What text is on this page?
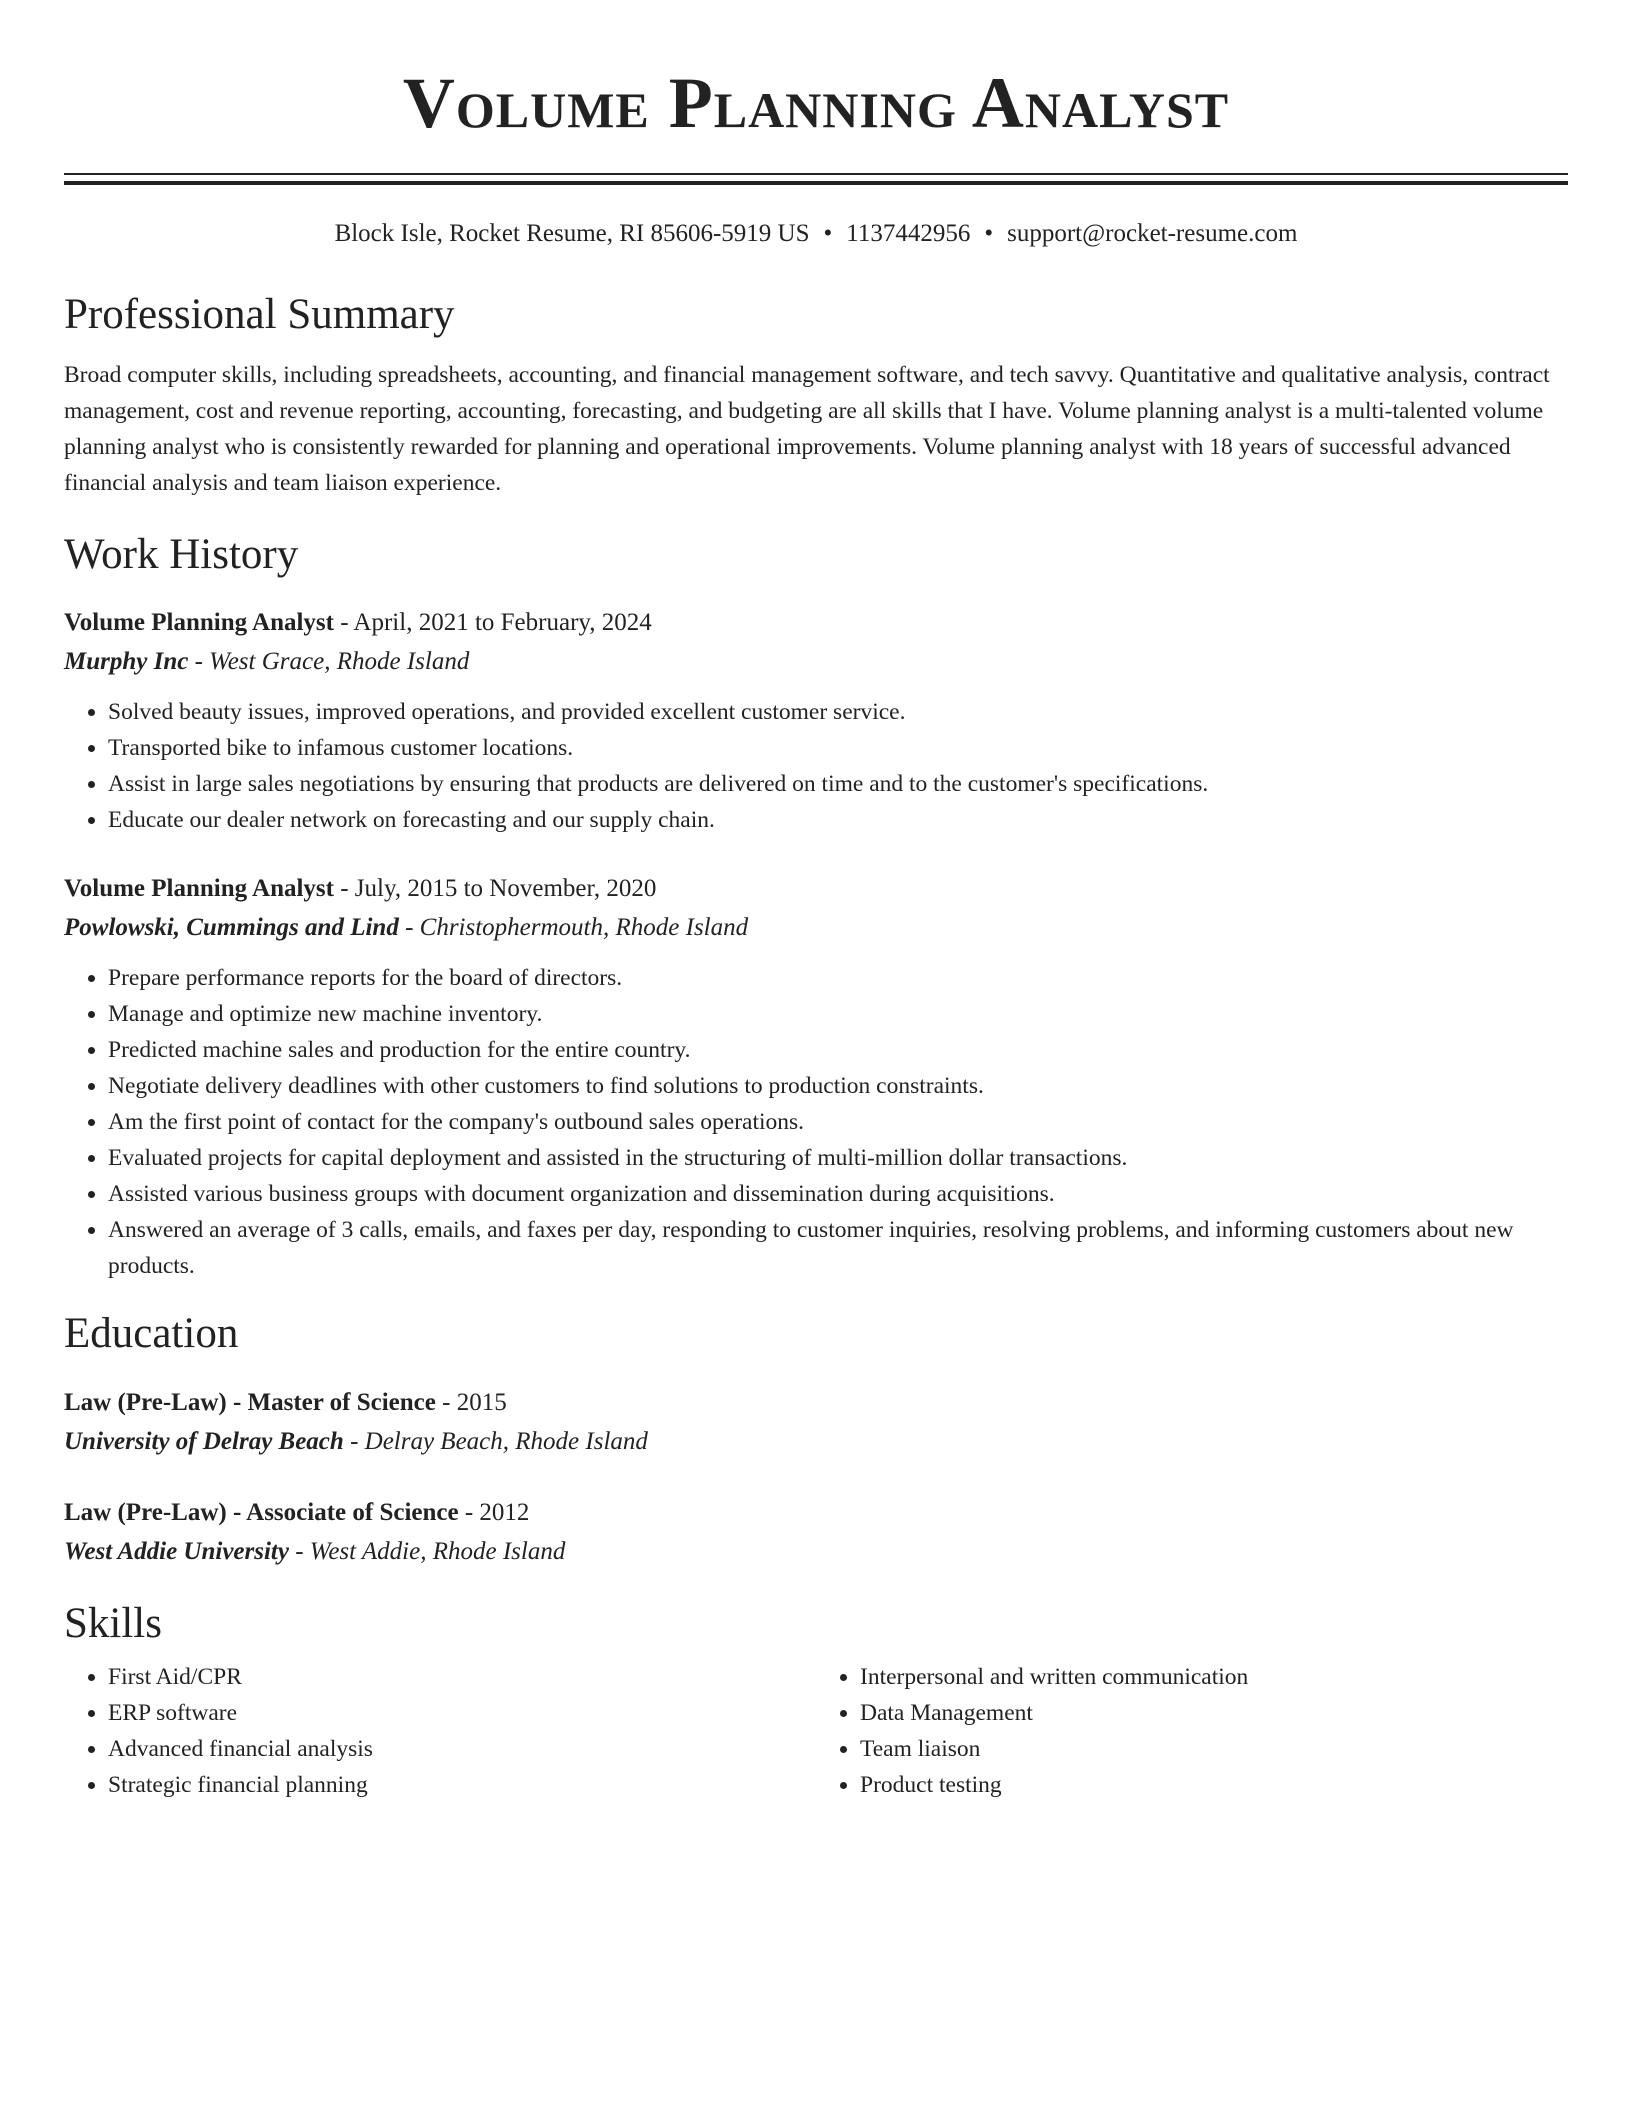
Volume Planning Analyst
Block Isle, Rocket Resume, RI 85606-5919 US • 1137442956 • support@rocket-resume.com
Professional Summary

Broad computer skills, including spreadsheets, accounting, and financial management software, and tech savvy. Quantitative and qualitative analysis, contract management, cost and revenue reporting, accounting, forecasting, and budgeting are all skills that I have. Volume planning analyst is a multi-talented volume planning analyst who is consistently rewarded for planning and operational improvements. Volume planning analyst with 18 years of successful advanced financial analysis and team liaison experience.

Work History
Volume Planning Analyst - April, 2021 to February, 2024
Murphy Inc - West Grace, Rhode Island
• Solved beauty issues, improved operations, and provided excellent customer service.
• Transported bike to infamous customer locations.
• Assist in large sales negotiations by ensuring that products are delivered on time and to the customer's specifications.
• Educate our dealer network on forecasting and our supply chain.
Volume Planning Analyst - July, 2015 to November, 2020
Powlowski, Cummings and Lind - Christophermouth, Rhode Island
• Prepare performance reports for the board of directors.
• Manage and optimize new machine inventory.
• Predicted machine sales and production for the entire country.
• Negotiate delivery deadlines with other customers to find solutions to production constraints.
• Am the first point of contact for the company's outbound sales operations.
• Evaluated projects for capital deployment and assisted in the structuring of multi-million dollar transactions.
• Assisted various business groups with document organization and dissemination during acquisitions.
• Answered an average of 3 calls, emails, and faxes per day, responding to customer inquiries, resolving problems, and informing customers about new products.
Education
Law (Pre-Law) - Master of Science - 2015
University of Delray Beach - Delray Beach, Rhode Island
Law (Pre-Law) - Associate of Science - 2012
West Addie University - West Addie, Rhode Island
Skills
• First Aid/CPR
• ERP software
• Advanced financial analysis
• Strategic financial planning
• Interpersonal and written communication
• Data Management
• Team liaison
• Product testing
